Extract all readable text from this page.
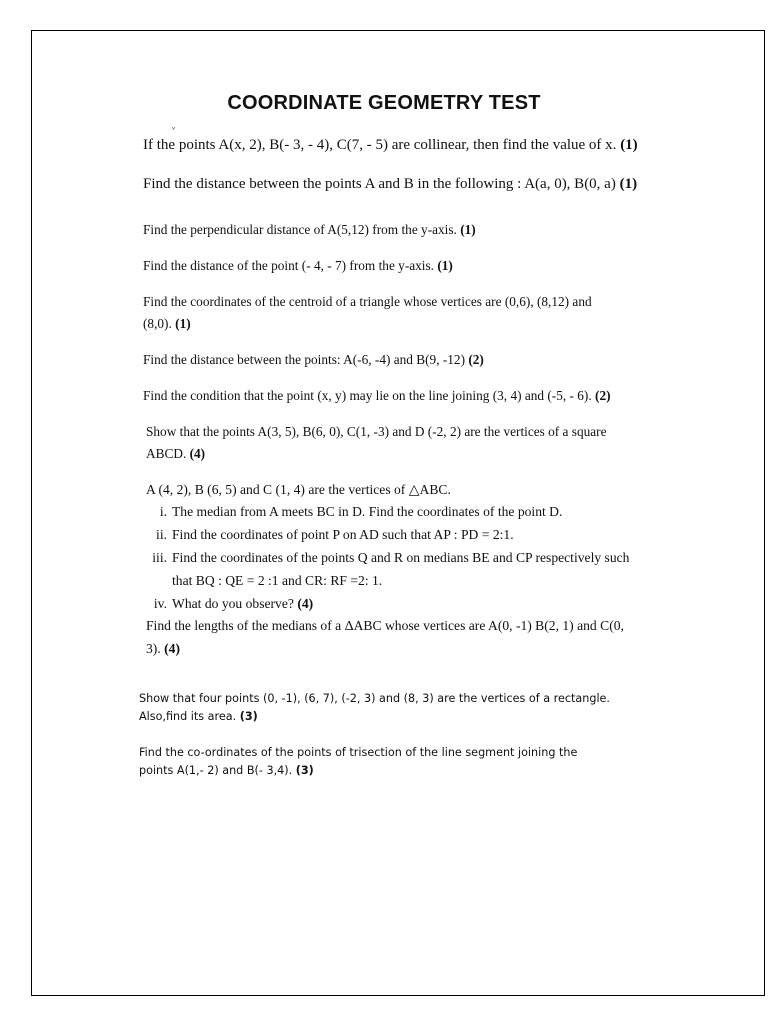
COORDINATE GEOMETRY TEST
ᵛ

If the points A(x, 2), B(- 3, - 4), C(7, - 5) are collinear, then find the value of x. (1)

Find the distance between the points A and B in the following : A(a, 0), B(0, a) (1)

Find the perpendicular distance of A(5,12) from the y-axis. (1)

Find the distance of the point (- 4, - 7) from the y-axis. (1)

Find the coordinates of the centroid of a triangle whose vertices are (0,6), (8,12) and
(8,0). (1)

Find the distance between the points: A(-6, -4) and B(9, -12) (2)

Find the condition that the point (x, y) may lie on the line joining (3, 4) and (-5, - 6). (2)

Show that the points A(3, 5), B(6, 0), C(1, -3) and D (-2, 2) are the vertices of a square
ABCD. (4)

A (4, 2), B (6, 5) and C (1, 4) are the vertices of △ABC.
i. The median from A meets BC in D. Find the coordinates of the point D.
ii. Find the coordinates of point P on AD such that AP : PD = 2:1.
iii. Find the coordinates of the points Q and R on medians BE and CP respectively such
that BQ : QE = 2 :1 and CR: RF =2: 1.
iv. What do you observe? (4)

Find the lengths of the medians of a ΔABC whose vertices are A(0, -1) B(2, 1) and C(0,
3). (4)

Show that four points (0, -1), (6, 7), (-2, 3) and (8, 3) are the vertices of a rectangle.
Also,find its area. (3)

Find the co-ordinates of the points of trisection of the line segment joining the
points A(1,- 2) and B(- 3,4). (3)
